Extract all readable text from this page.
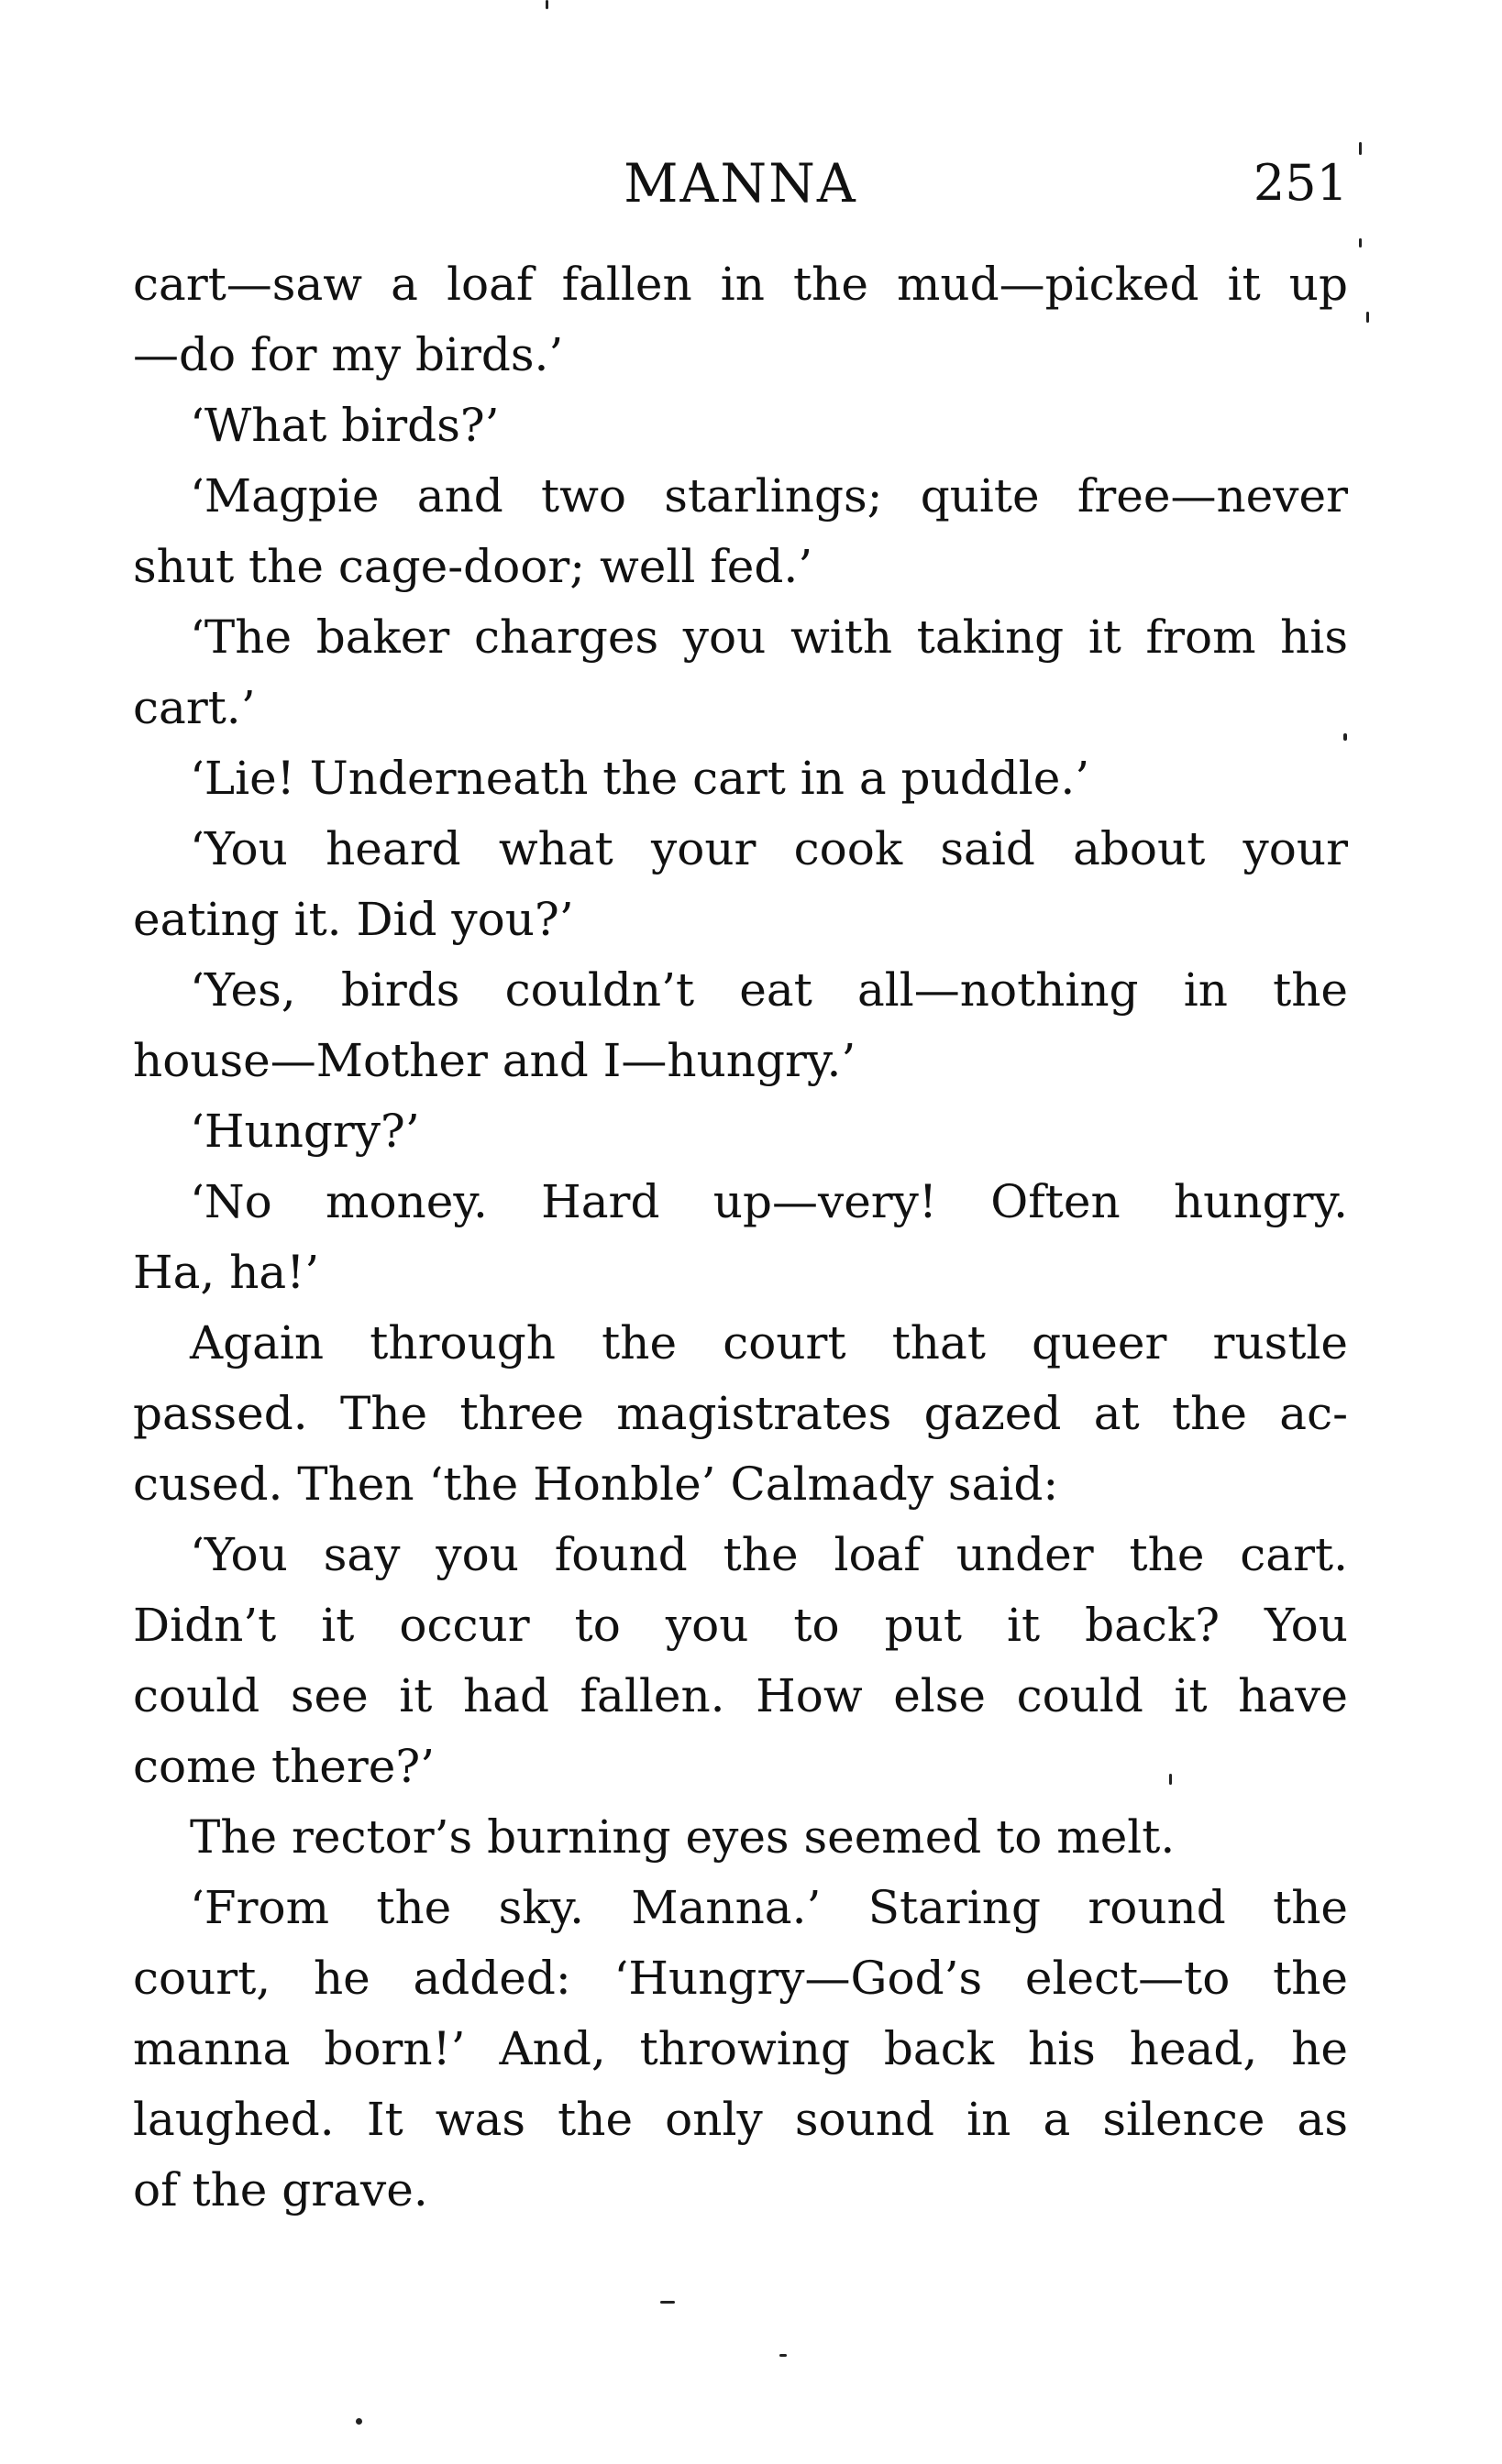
MANNA	251
cart—saw a loaf fallen in the mud—picked it up
—do for my birds.’
‘What birds?’
‘Magpie and two starlings; quite free—never
shut the cage-door; well fed.’
‘The baker charges you with taking it from his
cart.’
‘Lie! Underneath the cart in a puddle.’
‘You heard what your cook said about your
eating it. Did you?’
‘Yes, birds couldn’t eat all—nothing in the
house—Mother and I—hungry.’
‘Hungry?’
‘No money. Hard up—very! Often hungry.
Ha, ha!’
Again through the court that queer rustle
passed. The three magistrates gazed at the ac-
cused. Then ‘the Honble’ Calmady said:
‘You say you found the loaf under the cart.
Didn’t it occur to you to put it back? You
could see it had fallen. How else could it have
come there?’
The rector’s burning eyes seemed to melt.
‘From the sky. Manna.’ Staring round the
court, he added: ‘Hungry—God’s elect—to the
manna born!’ And, throwing back his head, he
laughed. It was the only sound in a silence as
of the grave.
